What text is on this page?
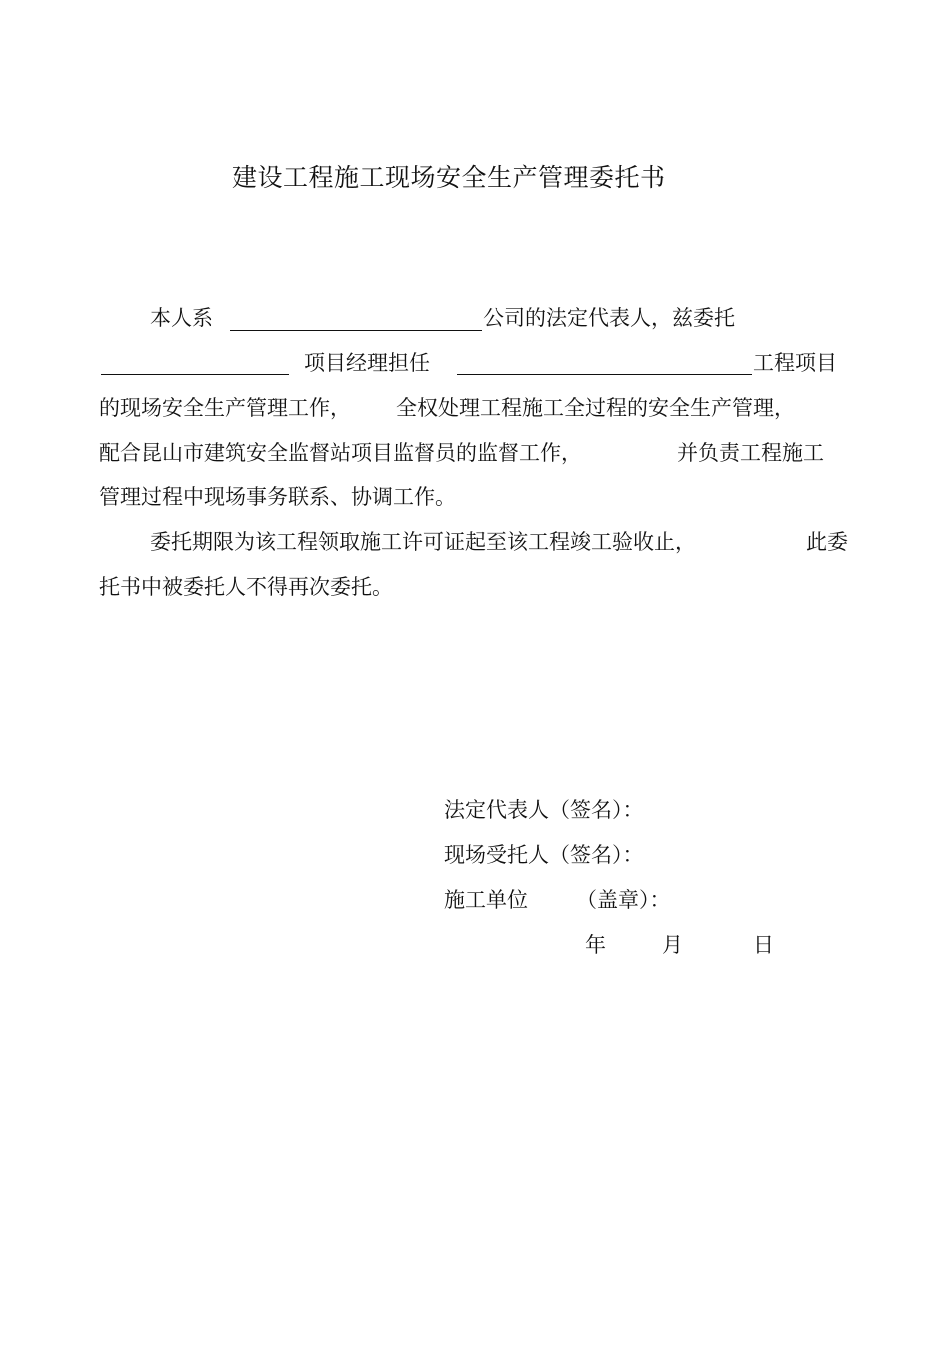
建设工程施工现场安全生产管理委托书
本人系	公司的法定代表人，兹委托
项目经理担任	工程项目
的现场安全生产管理工作， 全权处理工程施工全过程的安全生产管理，
配合昆山市建筑安全监督站项目监督员的监督工作，	并负责工程施工
管理过程中现场事务联系、协调工作。
委托期限为该工程领取施工许可证起至该工程竣工验收止，	此委
托书中被委托人不得再次委托。
法定代表人（签名）：
现场受托人（签名）：
施工单位 （盖章）：
年	月	日
